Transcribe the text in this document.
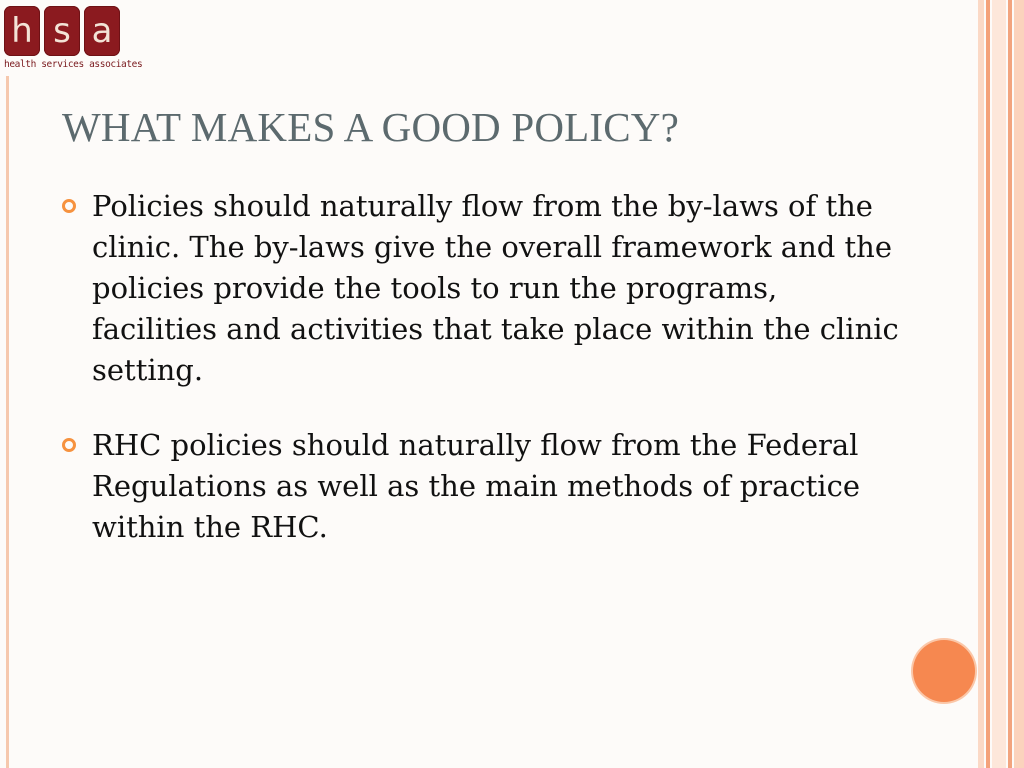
h s a
health services associates
WHAT MAKES A GOOD POLICY?
Policies should naturally flow from the by-laws of the clinic. The by-laws give the overall framework and the policies provide the tools to run the programs, facilities and activities that take place within the clinic setting.
RHC policies should naturally flow from the Federal Regulations as well as the main methods of practice within the RHC.
